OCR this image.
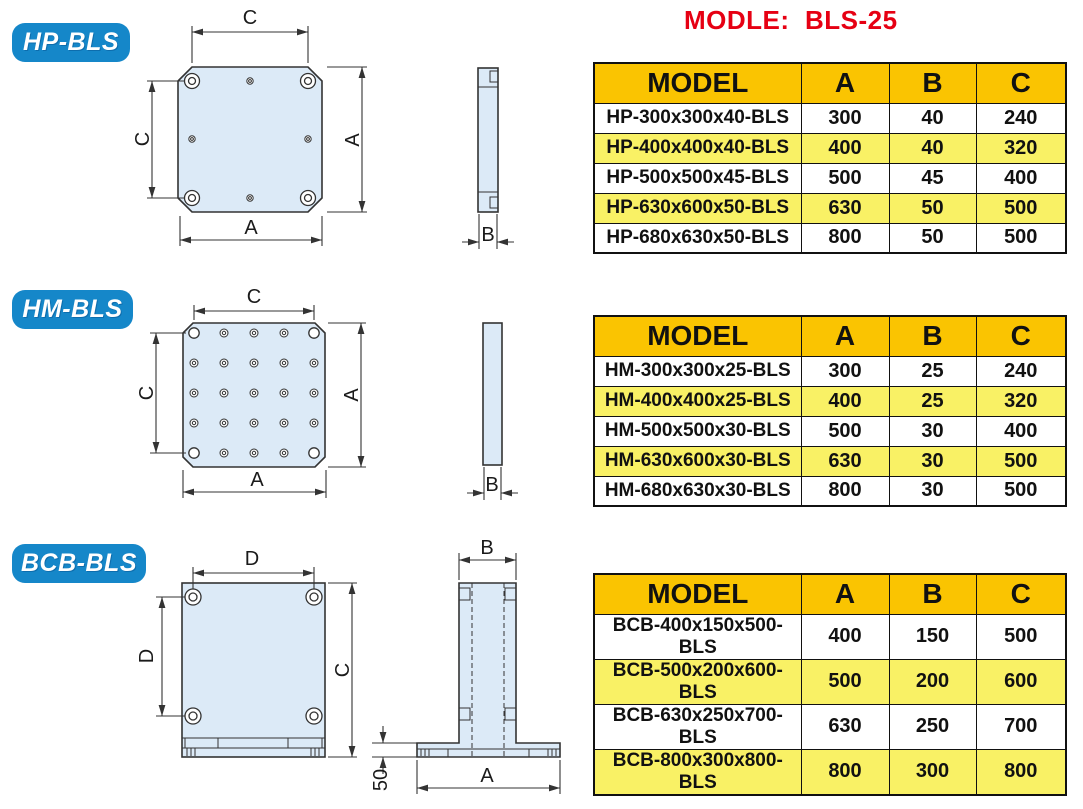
MODLE:  BLS-25
HP-BLS
HM-BLS
BCB-BLS
C
C	A
A	B
C
C	A
A	B
D
D
C
B
A
50
MODEL	A	B	C
HP-300x300x40-BLS	300	40	240
HP-400x400x40-BLS	400	40	320
HP-500x500x45-BLS	500	45	400
HP-630x600x50-BLS	630	50	500
HP-680x630x50-BLS	800	50	500
MODEL	A	B	C
HM-300x300x25-BLS	300	25	240
HM-400x400x25-BLS	400	25	320
HM-500x500x30-BLS	500	30	400
HM-630x600x30-BLS	630	30	500
HM-680x630x30-BLS	800	30	500
MODEL	A	B	C
BCB-400x150x500-BLS	400	150	500
BCB-500x200x600-BLS	500	200	600
BCB-630x250x700-BLS	630	250	700
BCB-800x300x800-BLS	800	300	800
